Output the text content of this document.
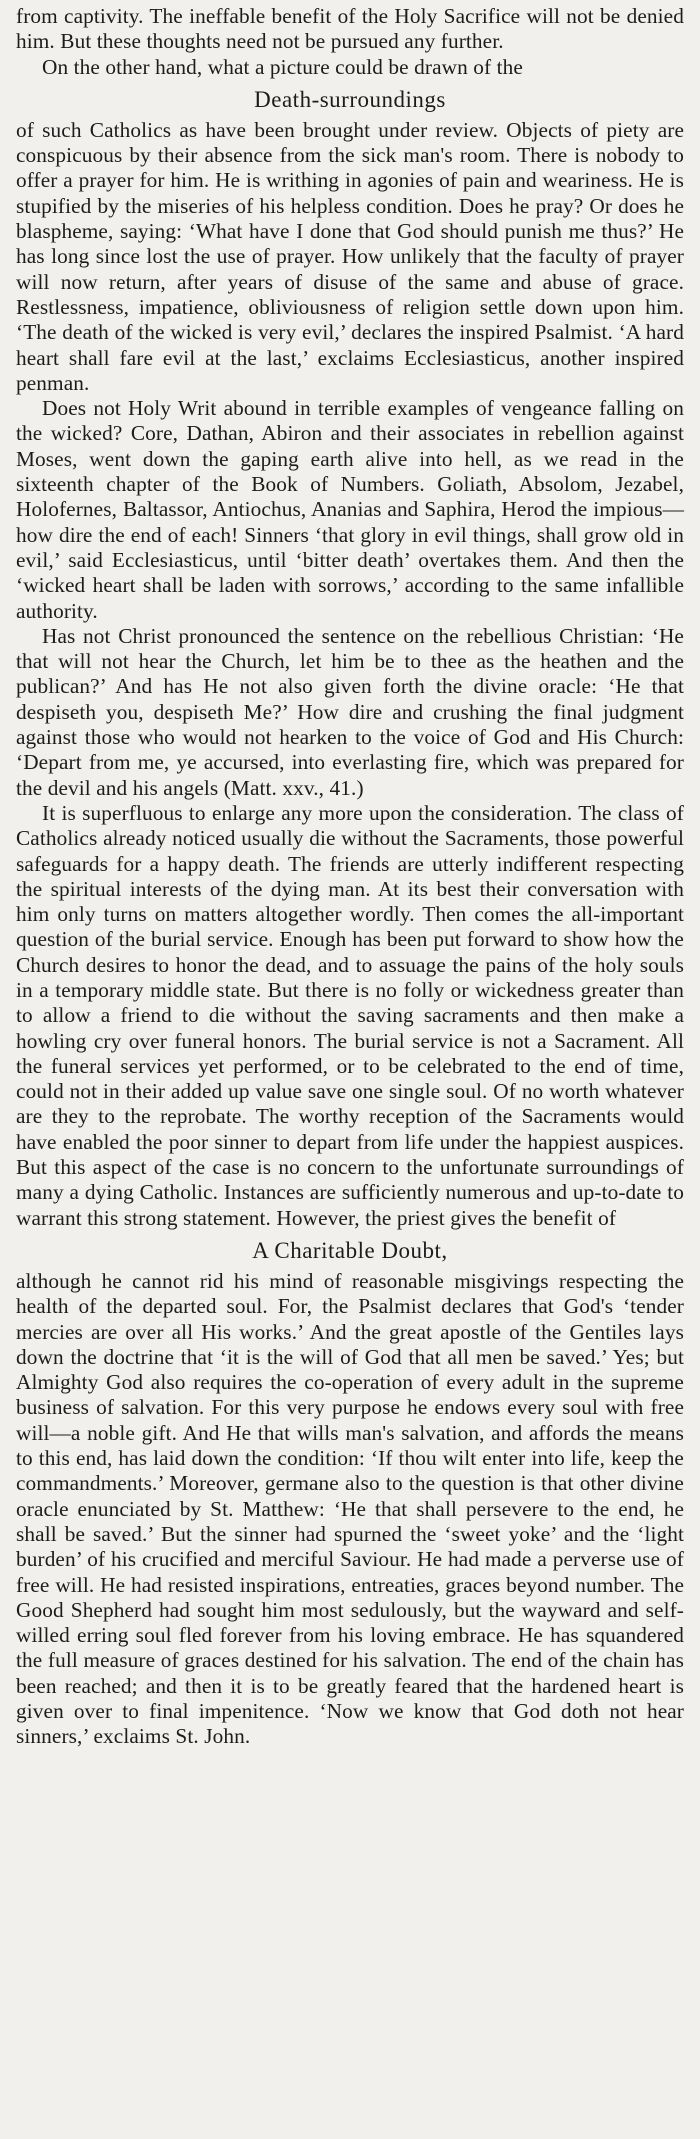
from captivity. The ineffable benefit of the Holy Sacrifice will not be denied him. But these thoughts need not be pursued any further.

On the other hand, what a picture could be drawn of the

Death-surroundings

of such Catholics as have been brought under review. Objects of piety are conspicuous by their absence from the sick man's room. There is nobody to offer a prayer for him. He is writhing in agonies of pain and weariness. He is stupified by the miseries of his helpless condition. Does he pray? Or does he blaspheme, saying: ‘What have I done that God should punish me thus?’ He has long since lost the use of prayer. How unlikely that the faculty of prayer will now return, after years of disuse of the same and abuse of grace. Restlessness, impatience, obliviousness of religion settle down upon him. ‘The death of the wicked is very evil,’ declares the inspired Psalmist. ‘A hard heart shall fare evil at the last,’ exclaims Ecclesiasticus, another inspired penman.

Does not Holy Writ abound in terrible examples of vengeance falling on the wicked? Core, Dathan, Abiron and their associates in rebellion against Moses, went down the gaping earth alive into hell, as we read in the sixteenth chapter of the Book of Numbers. Goliath, Absolom, Jezabel, Holofernes, Baltassor, Antiochus, Ananias and Saphira, Herod the impious—how dire the end of each! Sinners ‘that glory in evil things, shall grow old in evil,’ said Ecclesiasticus, until ‘bitter death’ overtakes them. And then the ‘wicked heart shall be laden with sorrows,’ according to the same infallible authority.

Has not Christ pronounced the sentence on the rebellious Christian: ‘He that will not hear the Church, let him be to thee as the heathen and the publican?’ And has He not also given forth the divine oracle: ‘He that despiseth you, despiseth Me?’ How dire and crushing the final judgment against those who would not hearken to the voice of God and His Church: ‘Depart from me, ye accursed, into everlasting fire, which was prepared for the devil and his angels (Matt. xxv., 41.)

It is superfluous to enlarge any more upon the consideration. The class of Catholics already noticed usually die without the Sacraments, those powerful safeguards for a happy death. The friends are utterly indifferent respecting the spiritual interests of the dying man. At its best their conversation with him only turns on matters altogether wordly. Then comes the all-important question of the burial service. Enough has been put forward to show how the Church desires to honor the dead, and to assuage the pains of the holy souls in a temporary middle state. But there is no folly or wickedness greater than to allow a friend to die without the saving sacraments and then make a howling cry over funeral honors. The burial service is not a Sacrament. All the funeral services yet performed, or to be celebrated to the end of time, could not in their added up value save one single soul. Of no worth whatever are they to the reprobate. The worthy reception of the Sacraments would have enabled the poor sinner to depart from life under the happiest auspices. But this aspect of the case is no concern to the unfortunate surroundings of many a dying Catholic. Instances are sufficiently numerous and up-to-date to warrant this strong statement. However, the priest gives the benefit of

A Charitable Doubt,

although he cannot rid his mind of reasonable misgivings respecting the health of the departed soul. For, the Psalmist declares that God's ‘tender mercies are over all His works.’ And the great apostle of the Gentiles lays down the doctrine that ‘it is the will of God that all men be saved.’ Yes; but Almighty God also requires the co-operation of every adult in the supreme business of salvation. For this very purpose he endows every soul with free will—a noble gift. And He that wills man's salvation, and affords the means to this end, has laid down the condition: ‘If thou wilt enter into life, keep the commandments.’ Moreover, germane also to the question is that other divine oracle enunciated by St. Matthew: ‘He that shall persevere to the end, he shall be saved.’ But the sinner had spurned the ‘sweet yoke’ and the ‘light burden’ of his crucified and merciful Saviour. He had made a perverse use of free will. He had resisted inspirations, entreaties, graces beyond number. The Good Shepherd had sought him most sedulously, but the wayward and self-willed erring soul fled forever from his loving embrace. He has squandered the full measure of graces destined for his salvation. The end of the chain has been reached; and then it is to be greatly feared that the hardened heart is given over to final impenitence. ‘Now we know that God doth not hear sinners,’ exclaims St. John.
